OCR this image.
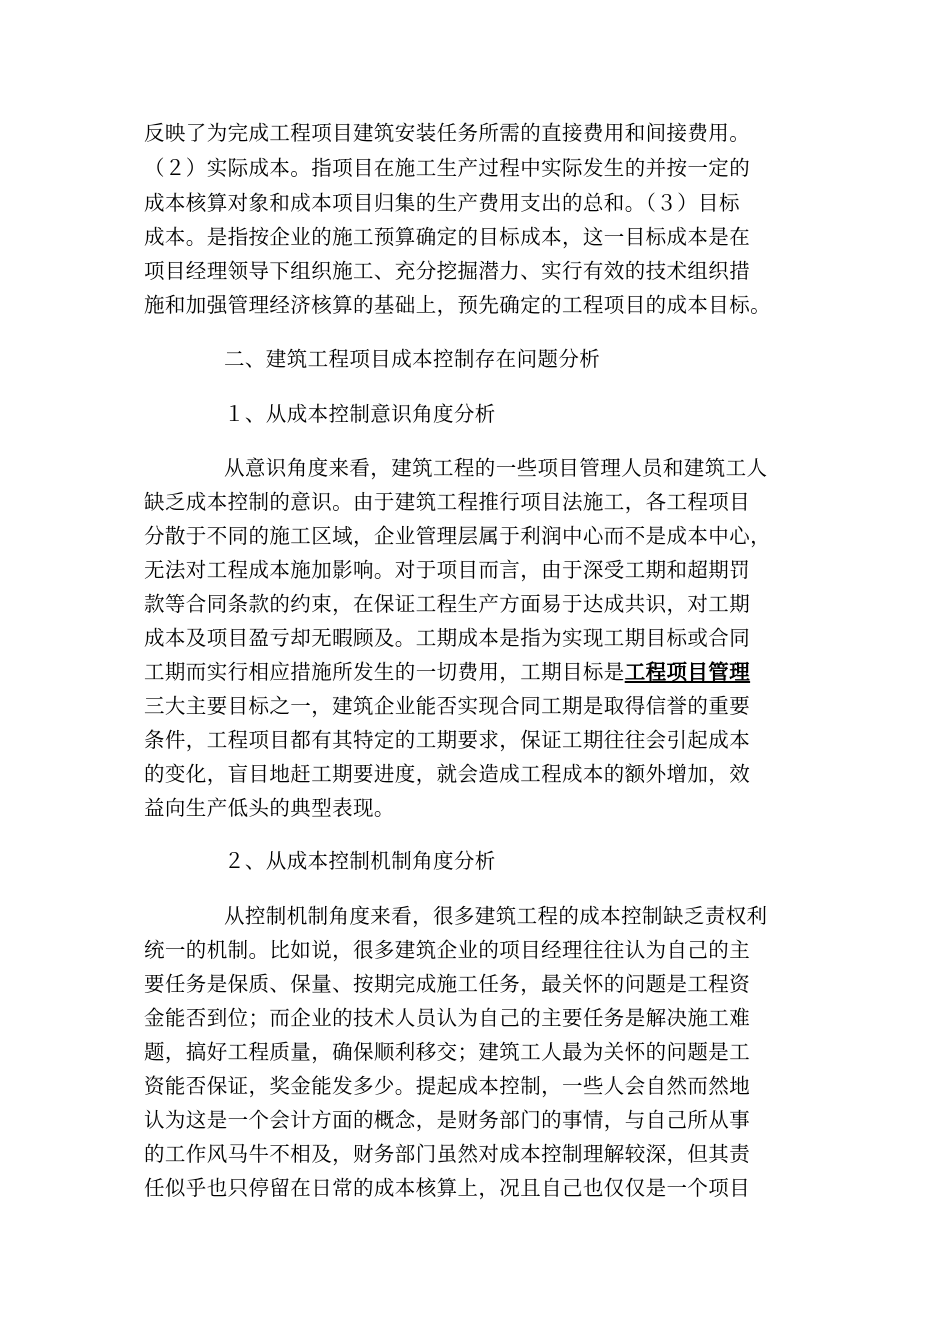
反映了为完成工程项目建筑安装任务所需的直接费用和间接费用。
（２）实际成本。指项目在施工生产过程中实际发生的并按一定的
成本核算对象和成本项目归集的生产费用支出的总和。（３）目标
成本。是指按企业的施工预算确定的目标成本，这一目标成本是在
项目经理领导下组织施工、充分挖掘潜力、实行有效的技术组织措
施和加强管理经济核算的基础上，预先确定的工程项目的成本目标。
二、建筑工程项目成本控制存在问题分析
１、从成本控制意识角度分析
从意识角度来看，建筑工程的一些项目管理人员和建筑工人
缺乏成本控制的意识。由于建筑工程推行项目法施工，各工程项目
分散于不同的施工区域，企业管理层属于利润中心而不是成本中心，
无法对工程成本施加影响。对于项目而言，由于深受工期和超期罚
款等合同条款的约束，在保证工程生产方面易于达成共识，对工期
成本及项目盈亏却无暇顾及。工期成本是指为实现工期目标或合同
工期而实行相应措施所发生的一切费用，工期目标是工程项目管理
三大主要目标之一，建筑企业能否实现合同工期是取得信誉的重要
条件，工程项目都有其特定的工期要求，保证工期往往会引起成本
的变化，盲目地赶工期要进度，就会造成工程成本的额外增加，效
益向生产低头的典型表现。
２、从成本控制机制角度分析
从控制机制角度来看，很多建筑工程的成本控制缺乏责权利
统一的机制。比如说，很多建筑企业的项目经理往往认为自己的主
要任务是保质、保量、按期完成施工任务，最关怀的问题是工程资
金能否到位；而企业的技术人员认为自己的主要任务是解决施工难
题，搞好工程质量，确保顺利移交；建筑工人最为关怀的问题是工
资能否保证，奖金能发多少。提起成本控制，一些人会自然而然地
认为这是一个会计方面的概念，是财务部门的事情，与自己所从事
的工作风马牛不相及，财务部门虽然对成本控制理解较深，但其责
任似乎也只停留在日常的成本核算上，况且自己也仅仅是一个项目
